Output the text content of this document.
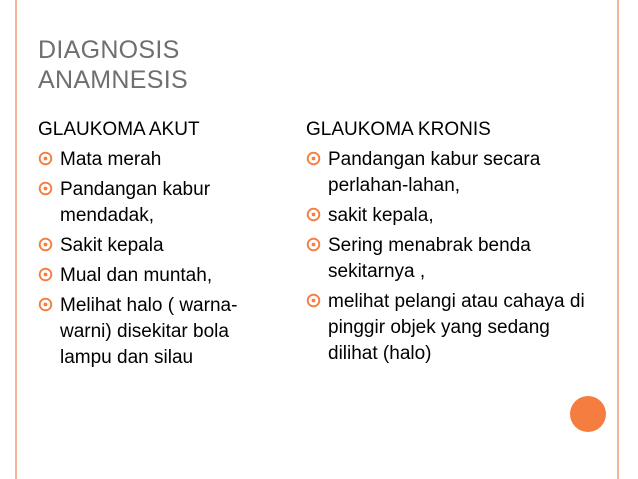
DIAGNOSIS
ANAMNESIS
GLAUKOMA AKUT
Mata merah
Pandangan kabur mendadak,
Sakit kepala
Mual dan muntah,
Melihat halo ( warna-warni) disekitar bola lampu dan silau
GLAUKOMA KRONIS
Pandangan kabur secara perlahan-lahan,
sakit kepala,
Sering menabrak benda sekitarnya ,
melihat pelangi atau cahaya di pinggir objek yang sedang dilihat (halo)
